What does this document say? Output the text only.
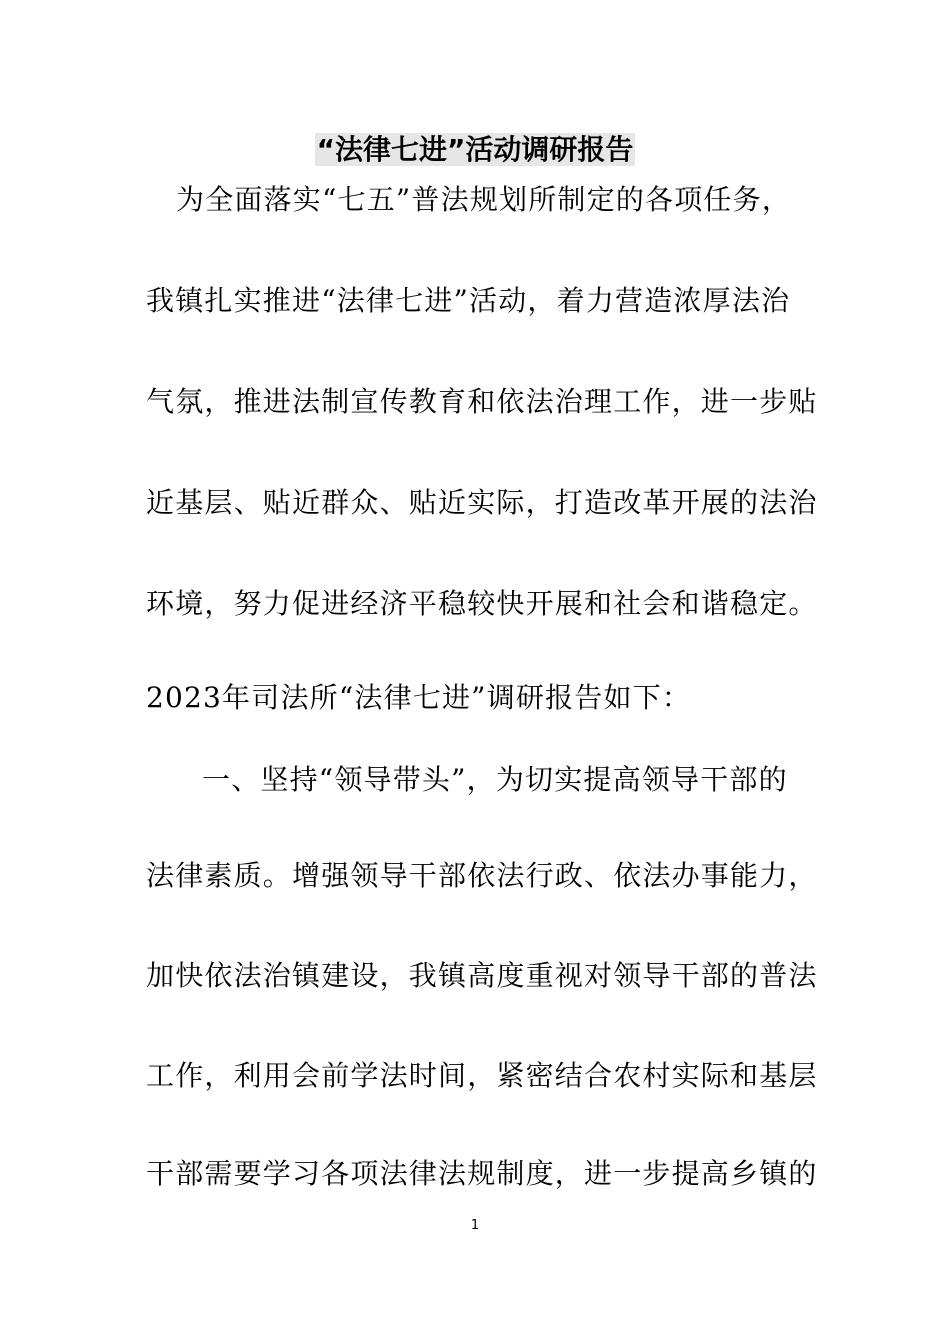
“法律七进”活动调研报告
为全面落实“七五”普法规划所制定的各项任务，
我镇扎实推进“法律七进”活动，着力营造浓厚法治
气氛，推进法制宣传教育和依法治理工作，进一步贴
近基层、贴近群众、贴近实际，打造改革开展的法治
环境，努力促进经济平稳较快开展和社会和谐稳定。
2023年司法所“法律七进”调研报告如下：
一、坚持“领导带头”，为切实提高领导干部的
法律素质。增强领导干部依法行政、依法办事能力，
加快依法治镇建设，我镇高度重视对领导干部的普法
工作，利用会前学法时间，紧密结合农村实际和基层
干部需要学习各项法律法规制度，进一步提高乡镇的
1
